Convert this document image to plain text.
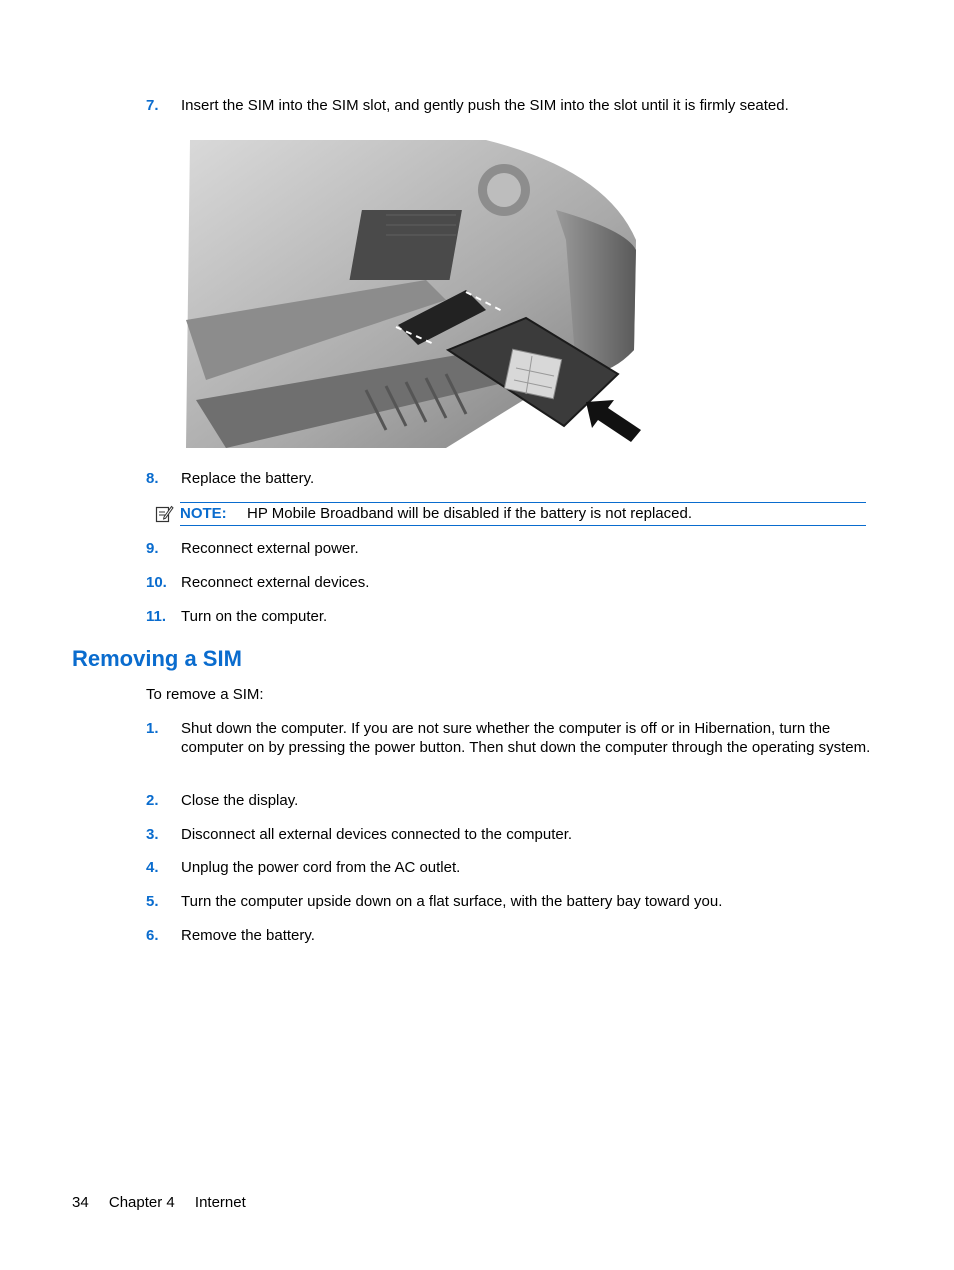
7. Insert the SIM into the SIM slot, and gently push the SIM into the slot until it is firmly seated.
8. Replace the battery.
NOTE: HP Mobile Broadband will be disabled if the battery is not replaced.
9. Reconnect external power.
10. Reconnect external devices.
11. Turn on the computer.
Removing a SIM
To remove a SIM:
1. Shut down the computer. If you are not sure whether the computer is off or in Hibernation, turn the computer on by pressing the power button. Then shut down the computer through the operating system.
2. Close the display.
3. Disconnect all external devices connected to the computer.
4. Unplug the power cord from the AC outlet.
5. Turn the computer upside down on a flat surface, with the battery bay toward you.
6. Remove the battery.
34 Chapter 4 Internet
